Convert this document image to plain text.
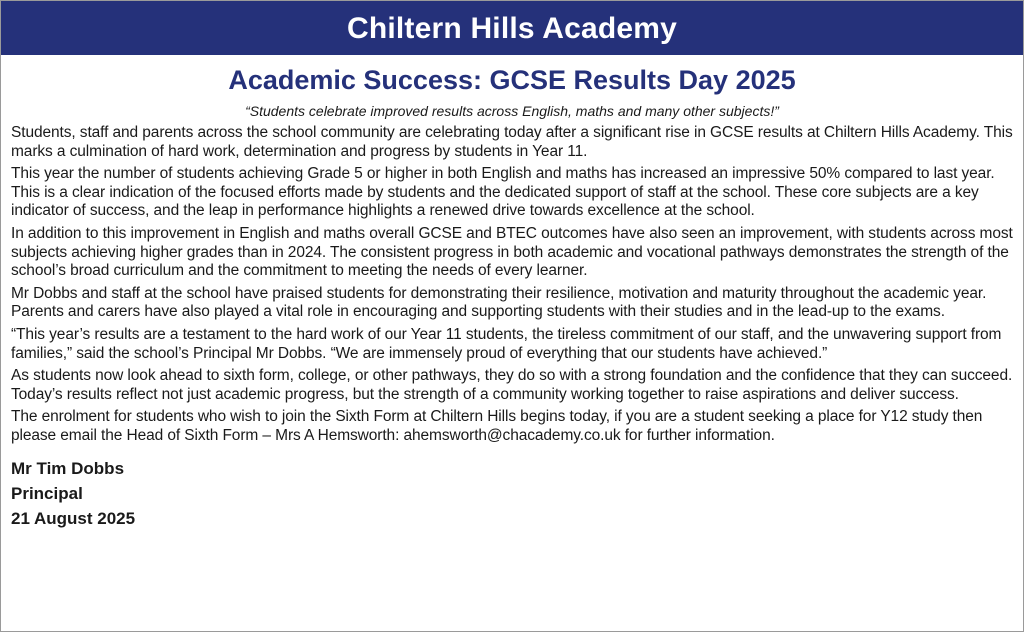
Chiltern Hills Academy
Academic Success: GCSE Results Day 2025
“Students celebrate improved results across English, maths and many other subjects!”

Students, staff and parents across the school community are celebrating today after a significant rise in GCSE results at Chiltern Hills Academy. This marks a culmination of hard work, determination and progress by students in Year 11.

This year the number of students achieving Grade 5 or higher in both English and maths has increased an impressive 50% compared to last year. This is a clear indication of the focused efforts made by students and the dedicated support of staff at the school. These core subjects are a key indicator of success, and the leap in performance highlights a renewed drive towards excellence at the school.

In addition to this improvement in English and maths overall GCSE and BTEC outcomes have also seen an improvement, with students across most subjects achieving higher grades than in 2024. The consistent progress in both academic and vocational pathways demonstrates the strength of the school’s broad curriculum and the commitment to meeting the needs of every learner.

Mr Dobbs and staff at the school have praised students for demonstrating their resilience, motivation and maturity throughout the academic year. Parents and carers have also played a vital role in encouraging and supporting students with their studies and in the lead-up to the exams.

“This year’s results are a testament to the hard work of our Year 11 students, the tireless commitment of our staff, and the unwavering support from families,” said the school’s Principal Mr Dobbs. “We are immensely proud of everything that our students have achieved.”

As students now look ahead to sixth form, college, or other pathways, they do so with a strong foundation and the confidence that they can succeed. Today’s results reflect not just academic progress, but the strength of a community working together to raise aspirations and deliver success.

The enrolment for students who wish to join the Sixth Form at Chiltern Hills begins today, if you are a student seeking a place for Y12 study then please email the Head of Sixth Form – Mrs A Hemsworth: ahemsworth@chacademy.co.uk for further information.

Mr Tim Dobbs
Principal
21 August 2025
